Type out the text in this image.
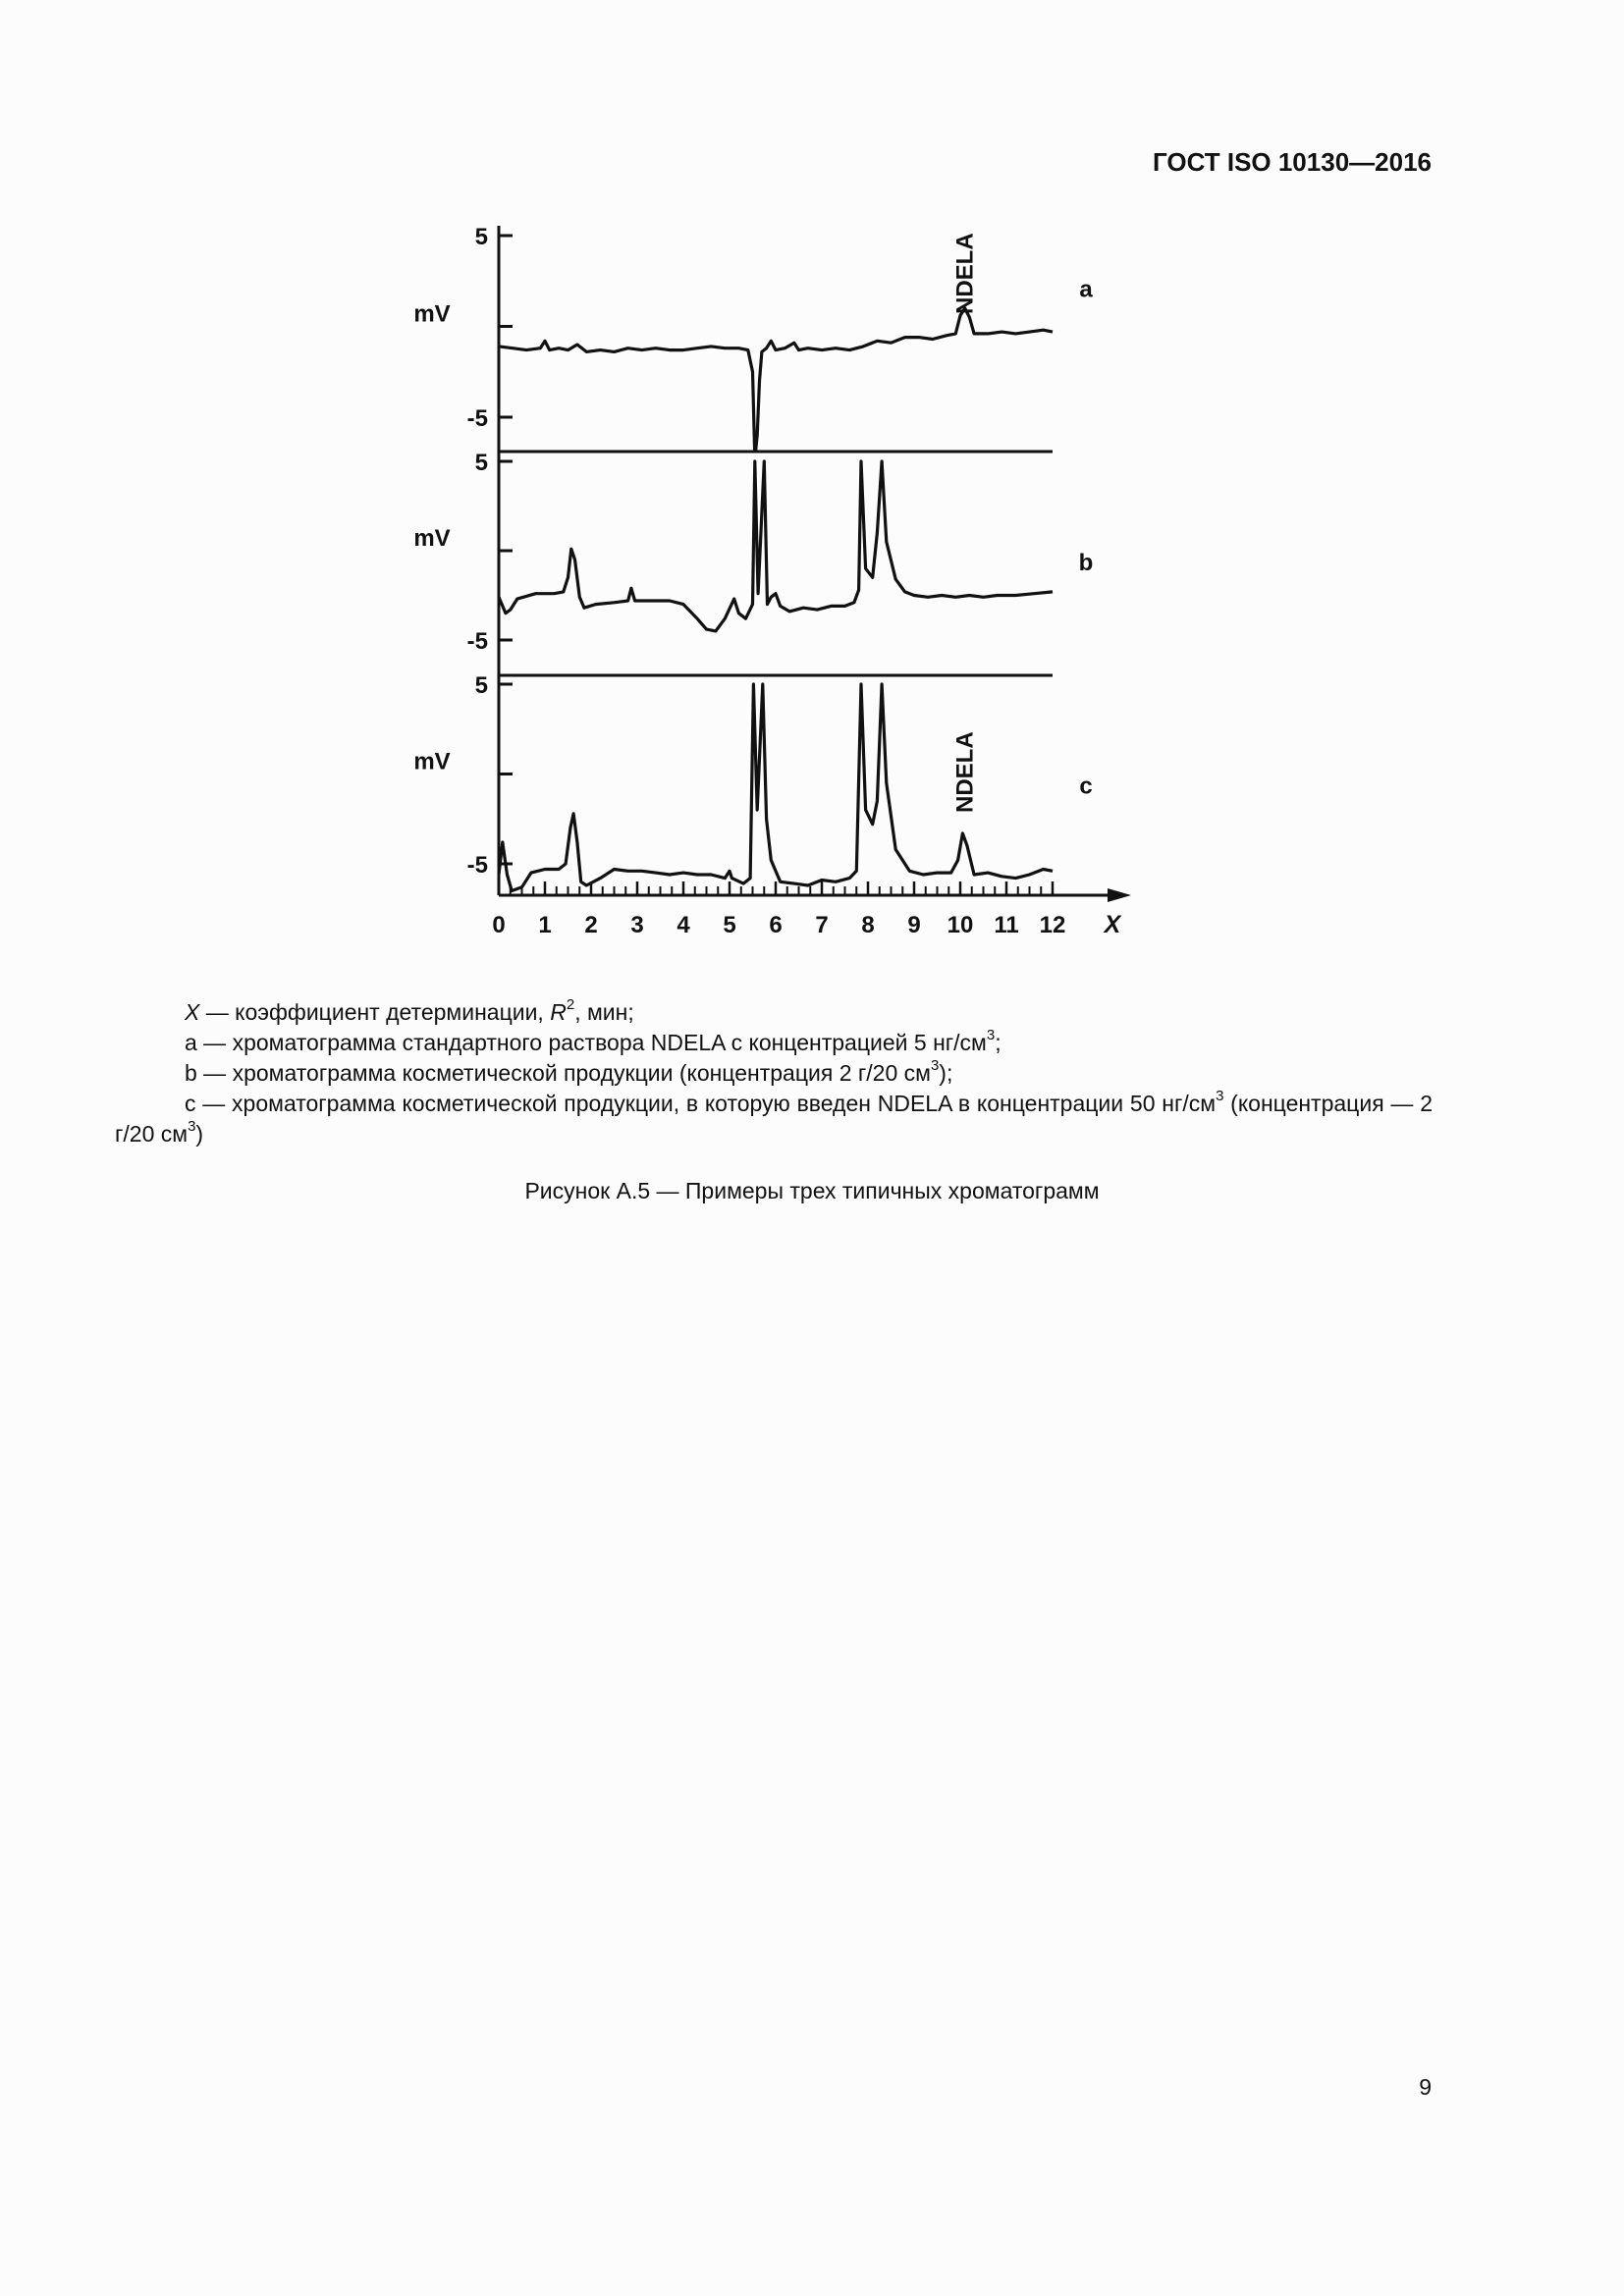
ГОСТ ISO 10130—2016
5
-5
mV
a
NDELA
5
-5
mV
b
5
-5
mV
c
NDELA
0 1 2 3 4 5 6 7 8 9 10 11 12 X

X — коэффициент детерминации, $R^2$, мин;

a — хроматограмма стандартного раствора NDELA с концентрацией 5 $нг/см^3$;

b — хроматограмма косметической продукции (концентрация 2 г/20 $см^3$);

c — хроматограмма косметической продукции, в которую введен NDELA в концентрации 50 $нг/см^3$ (концентрация — 2 г/20 $см^3$)

Рисунок A.5 — Примеры трех типичных хроматограмм
9
